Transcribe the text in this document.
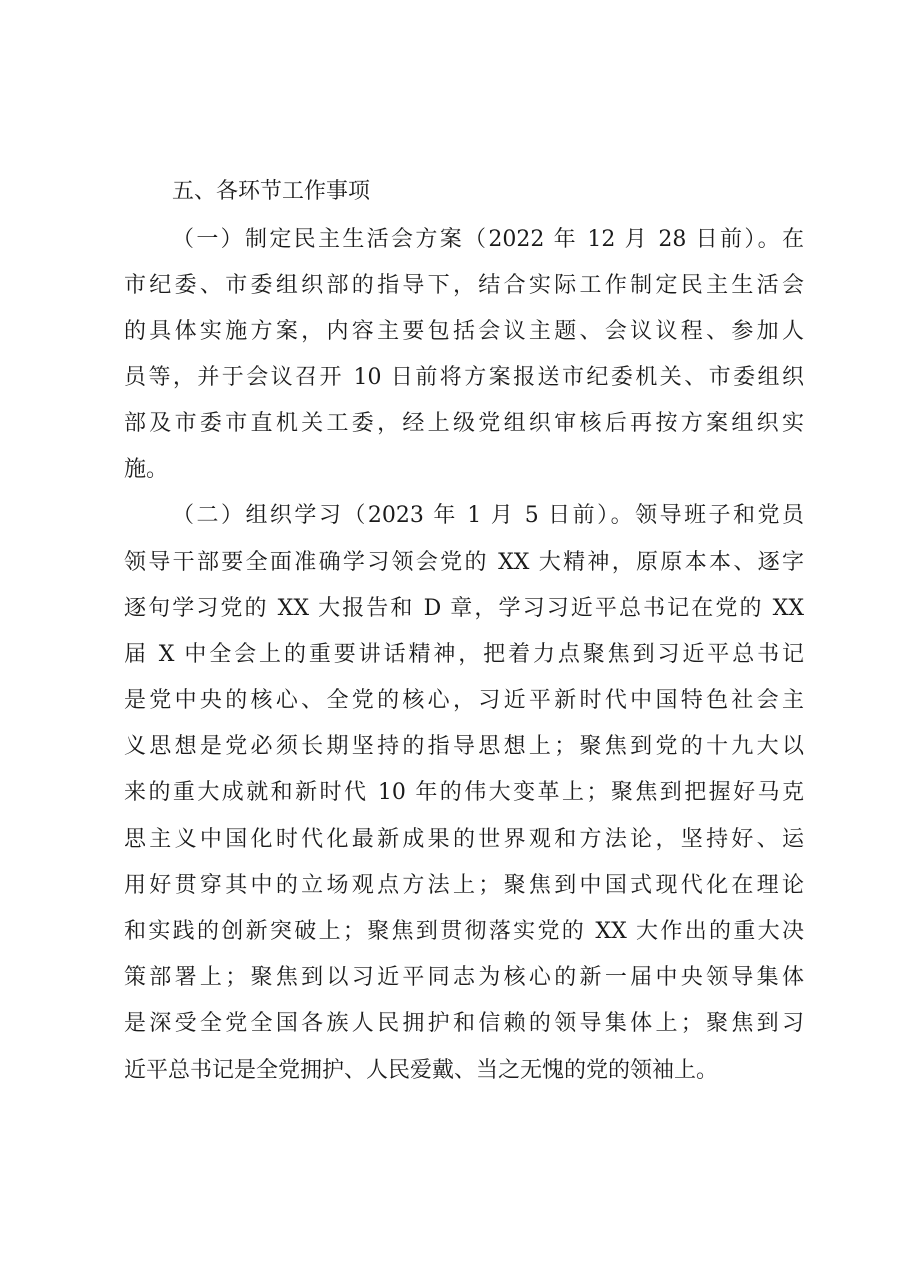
五、各环节工作事项
（一）制定民主生活会方案（2022 年 12 月 28 日前）。在
市纪委、市委组织部的指导下，结合实际工作制定民主生活会
的具体实施方案，内容主要包括会议主题、会议议程、参加人
员等，并于会议召开 10 日前将方案报送市纪委机关、市委组织
部及市委市直机关工委，经上级党组织审核后再按方案组织实
施。
（二）组织学习（2023 年 1 月 5 日前）。领导班子和党员
领导干部要全面准确学习领会党的 XX 大精神，原原本本、逐字
逐句学习党的 XX 大报告和 D 章，学习习近平总书记在党的 XX
届 X 中全会上的重要讲话精神，把着力点聚焦到习近平总书记
是党中央的核心、全党的核心，习近平新时代中国特色社会主
义思想是党必须长期坚持的指导思想上；聚焦到党的十九大以
来的重大成就和新时代 10 年的伟大变革上；聚焦到把握好马克
思主义中国化时代化最新成果的世界观和方法论，坚持好、运
用好贯穿其中的立场观点方法上；聚焦到中国式现代化在理论
和实践的创新突破上；聚焦到贯彻落实党的 XX 大作出的重大决
策部署上；聚焦到以习近平同志为核心的新一届中央领导集体
是深受全党全国各族人民拥护和信赖的领导集体上；聚焦到习
近平总书记是全党拥护、人民爱戴、当之无愧的党的领袖上。
